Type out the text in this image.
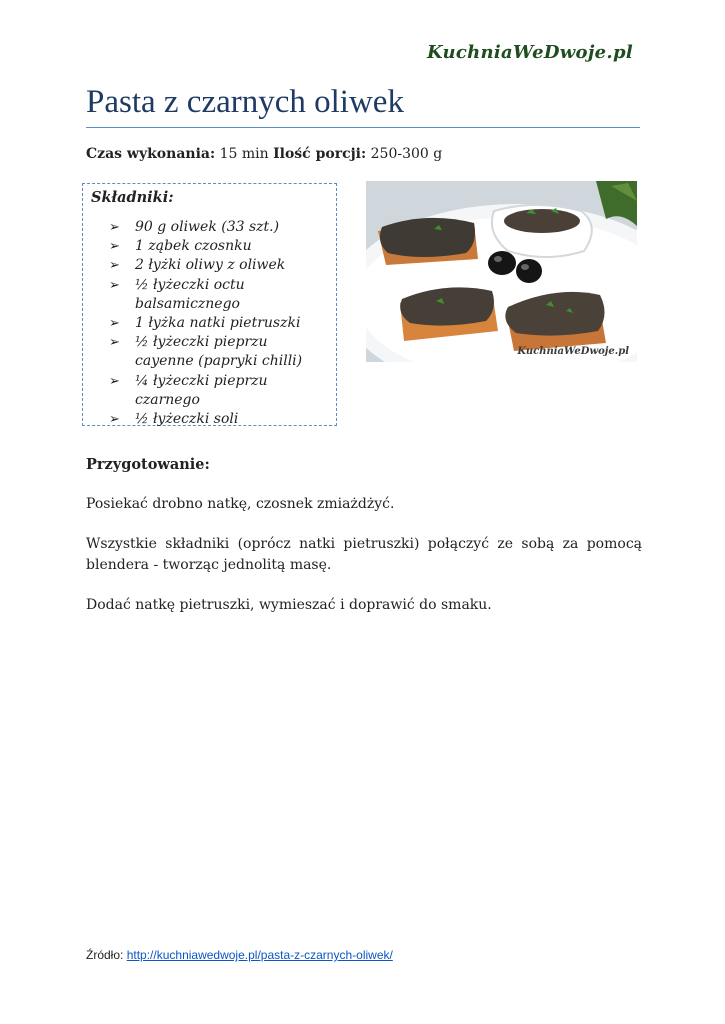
KuchniaWeDwoje.pl
Pasta z czarnych oliwek
Czas wykonania: 15 min Ilość porcji: 250-300 g
Składniki:
➢ 90 g oliwek (33 szt.)
➢ 1 ząbek czosnku
➢ 2 łyżki oliwy z oliwek
➢ ½ łyżeczki octu balsamicznego
➢ 1 łyżka natki pietruszki
➢ ½ łyżeczki pieprzu cayenne (papryki chilli)
➢ ¼ łyżeczki pieprzu czarnego
➢ ½ łyżeczki soli
KuchniaWeDwoje.pl
Przygotowanie:

Posiekać drobno natkę, czosnek zmiażdżyć.

Wszystkie składniki (oprócz natki pietruszki) połączyć ze sobą za pomocą blendera - tworząc jednolitą masę.

Dodać natkę pietruszki, wymieszać i doprawić do smaku.

Źródło: http://kuchniawedwoje.pl/pasta-z-czarnych-oliwek/
